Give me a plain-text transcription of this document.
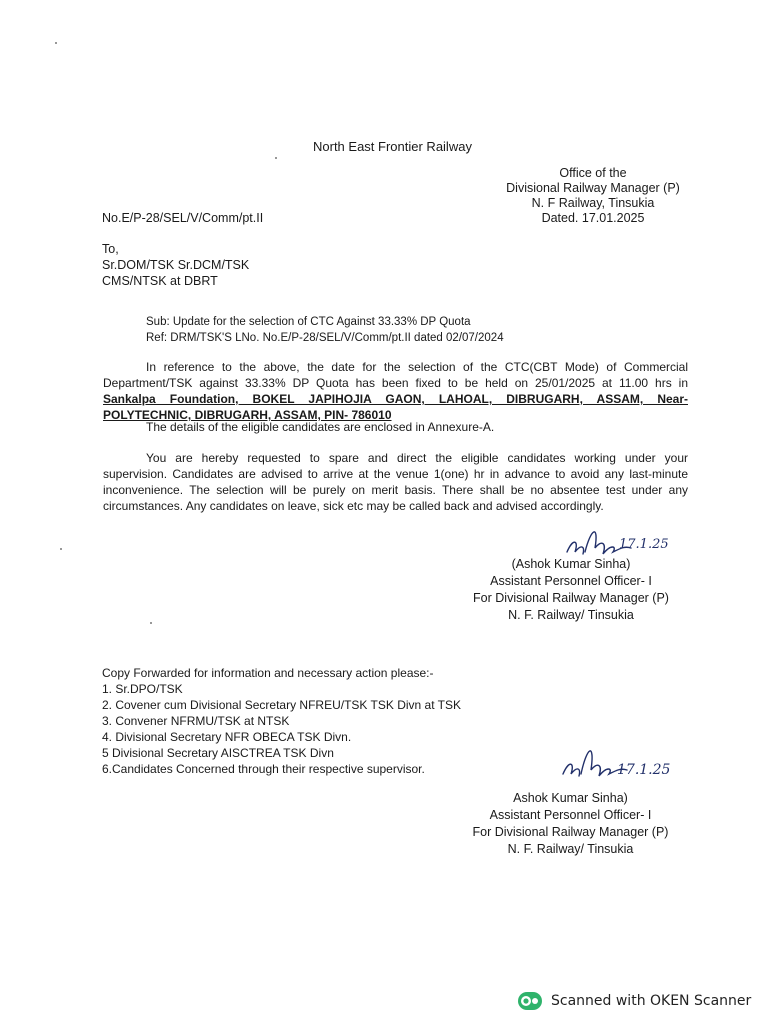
North East Frontier Railway
Office of the
Divisional Railway Manager (P)
N. F Railway, Tinsukia
Dated. 17.01.2025
No.E/P-28/SEL/V/Comm/pt.II
To,
Sr.DOM/TSK Sr.DCM/TSK
CMS/NTSK at DBRT
Sub: Update for the selection of CTC Against 33.33% DP Quota
Ref: DRM/TSK'S LNo. No.E/P-28/SEL/V/Comm/pt.II dated 02/07/2024
In reference to the above, the date for the selection of the CTC(CBT Mode) of Commercial
Department/TSK against 33.33% DP Quota has been fixed to be held on 25/01/2025 at 11.00 hrs in
Sankalpa Foundation, BOKEL JAPIHOJIA GAON, LAHOAL, DIBRUGARH, ASSAM, Near-
POLYTECHNIC, DIBRUGARH, ASSAM, PIN- 786010
The details of the eligible candidates are enclosed in Annexure-A.
You are hereby requested to spare and direct the eligible candidates working under your
supervision. Candidates are advised to arrive at the venue 1(one) hr in advance to avoid any last-minute
inconvenience. The selection will be purely on merit basis. There shall be no absentee test under any
circumstances. Any candidates on leave, sick etc may be called back and advised accordingly.
17.1.25
(Ashok Kumar Sinha)
Assistant Personnel Officer- I
For Divisional Railway Manager (P)
N. F. Railway/ Tinsukia
Copy Forwarded for information and necessary action please:-
1. Sr.DPO/TSK
2. Covener cum Divisional Secretary NFREU/TSK TSK Divn at TSK
3. Convener NFRMU/TSK at NTSK
4. Divisional Secretary NFR OBECA TSK Divn.
5 Divisional Secretary AISCTREA TSK Divn
6.Candidates Concerned through their respective supervisor.	17.1.25
Ashok Kumar Sinha)
Assistant Personnel Officer- I
For Divisional Railway Manager (P)
N. F. Railway/ Tinsukia
Scanned with OKEN Scanner
